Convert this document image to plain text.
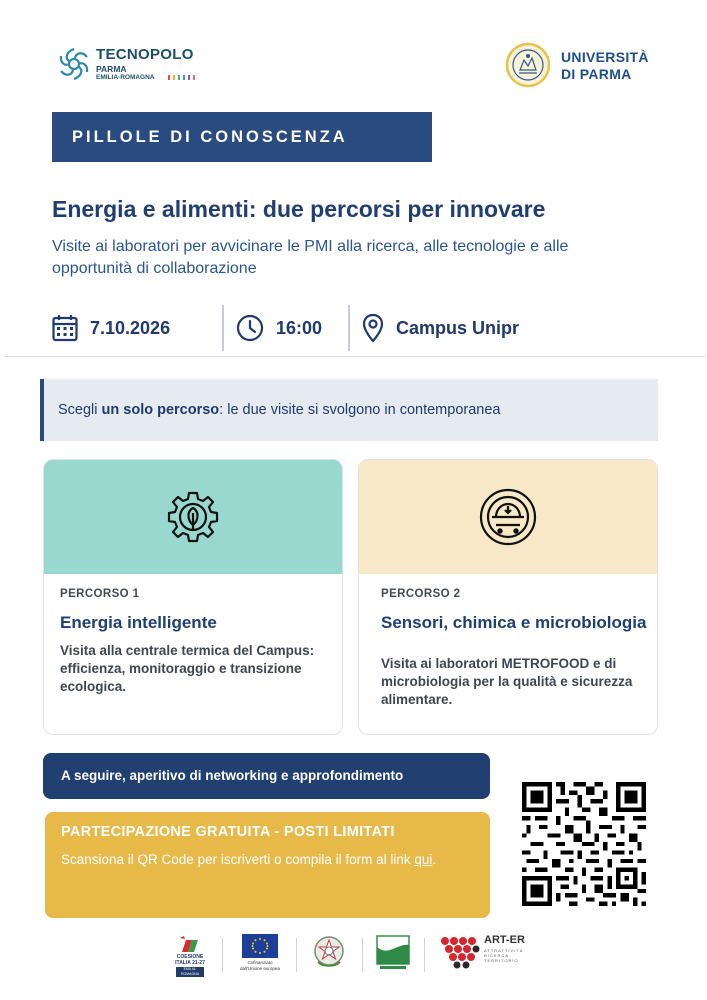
TECNOPOLO
PARMA
EMILIA-ROMAGNA
UNIVERSITÀ
DI PARMA
PILLOLE DI CONOSCENZA
Energia e alimenti: due percorsi per innovare
Visite ai laboratori per avvicinare le PMI alla ricerca, alle tecnologie e alle opportunità di collaborazione
7.10.2026	16:00	Campus Unipr
Scegli un solo percorso: le due visite si svolgono in contemporanea
PERCORSO 1
Energia intelligente
Visita alla centrale termica del Campus: efficienza, monitoraggio e transizione ecologica.
PERCORSO 2
Sensori, chimica e microbiologia
Visita ai laboratori METROFOOD e di microbiologia per la qualità e sicurezza alimentare.
A seguire, aperitivo di networking e approfondimento
PARTECIPAZIONE GRATUITA - POSTI LIMITATI
Scansiona il QR Code per iscriverti o compila il form al link qui.
COESIONE
ITALIA 21-27
EMILIA-ROMAGNA
Cofinanziato
dall'Unione europea
ART-ER
ATTRATTIVITÀ
RICERCA
TERRITORIO
